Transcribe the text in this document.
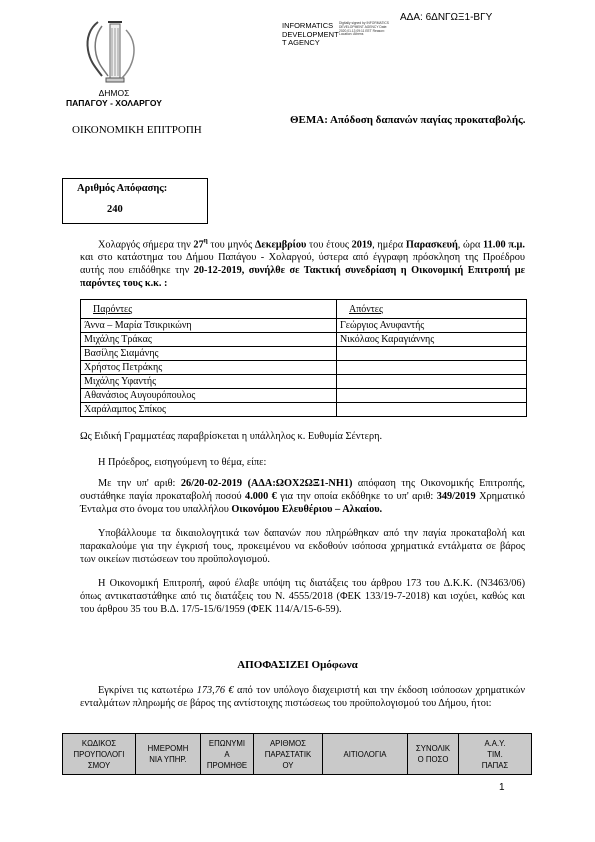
ΑΔΑ: 6ΔΝΓΩΞ1-ΒΓΥ
ΔΗΜΟΣ
ΠΑΠΑΓΟΥ - ΧΟΛΑΡΓΟΥ
INFORMATICS
DEVELOPMENT
T AGENCY
Digitally signed by INFORMATICS DEVELOPMENT AGENCY Date: 2020.01.13 09:11 EET Reason: Location: Athens
ΟΙΚΟΝΟΜΙΚΗ ΕΠΙΤΡΟΠΗ
ΘΕΜΑ: Απόδοση δαπανών παγίας προκαταβολής.
Αριθμός Απόφασης:
240
Χολαργός σήμερα την $27^\eta$ του μηνός Δεκεμβρίου του έτους 2019, ημέρα Παρασκευή, ώρα 11.00 π.μ. και στο κατάστημα του Δήμου Παπάγου - Χολαργού, ύστερα από έγγραφη πρόσκληση της Προέδρου αυτής που επιδόθηκε την 20-12-2019, συνήλθε σε Τακτική συνεδρίαση η Οικονομική Επιτροπή με παρόντες τους κ.κ. :
Παρόντες	Απόντες
Άννα – Μαρία Τσικρικώνη	Γεώργιος Ανυφαντής
Μιχάλης Τράκας	Νικόλαος Καραγιάννης
Βασίλης Σιαμάνης	
Χρήστος Πετράκης	
Μιχάλης Υφαντής	
Αθανάσιος Αυγουρόπουλος	
Χαράλαμπος Σπίκος	
Ως Ειδική Γραμματέας παραβρίσκεται η υπάλληλος κ. Ευθυμία Σέντερη.
Η Πρόεδρος, εισηγούμενη το θέμα, είπε:
Με την υπ' αριθ: 26/20-02-2019 (ΑΔΑ:ΩΟΧ2ΩΞ1-ΝΗ1) απόφαση της Οικονομικής Επιτροπής, συστάθηκε παγία προκαταβολή ποσού 4.000 € για την οποία εκδόθηκε το υπ' αριθ: 349/2019 Χρηματικό Ένταλμα στο όνομα του υπαλλήλου Οικονόμου Ελευθέριου – Αλκαίου.
Υποβάλλουμε τα δικαιολογητικά των δαπανών που πληρώθηκαν από την παγία προκαταβολή και παρακαλούμε για την έγκρισή τους, προκειμένου να εκδοθούν ισόποσα χρηματικά εντάλματα σε βάρος των οικείων πιστώσεων του προϋπολογισμού.
Η Οικονομική Επιτροπή, αφού έλαβε υπόψη τις διατάξεις του άρθρου 173 του Δ.Κ.Κ. (Ν3463/06) όπως αντικαταστάθηκε από τις διατάξεις του Ν. 4555/2018 (ΦΕΚ 133/19-7-2018) και ισχύει, καθώς και του άρθρου 35 του Β.Δ. 17/5-15/6/1959 (ΦΕΚ 114/Α/15-6-59).
ΑΠΟΦΑΣΙΖΕΙ Ομόφωνα
Εγκρίνει τις κατωτέρω 173,76 € από τον υπόλογο διαχειριστή και την έκδοση ισόποσων χρηματικών ενταλμάτων πληρωμής σε βάρος της αντίστοιχης πιστώσεως του προϋπολογισμού του Δήμου, ήτοι:
ΚΩΔΙΚΟΣ
ΠΡΟΥΠΟΛΟΓΙ
ΣΜΟΥ

ΗΜΕΡΟΜΗ
ΝΙΑ ΥΠΗΡ.

ΕΠΩΝΥΜΙ
Α
ΠΡΟΜΗΘΕ

ΑΡΙΘΜΟΣ
ΠΑΡΑΣΤΑΤΙΚ
ΟΥ

ΑΙΤΙΟΛΟΓΙΑ

ΣΥΝΟΛΙΚ
Ο ΠΟΣΟ

Α.Α.Υ.
ΤΙΜ.
ΠΑΠΑΣ
1
